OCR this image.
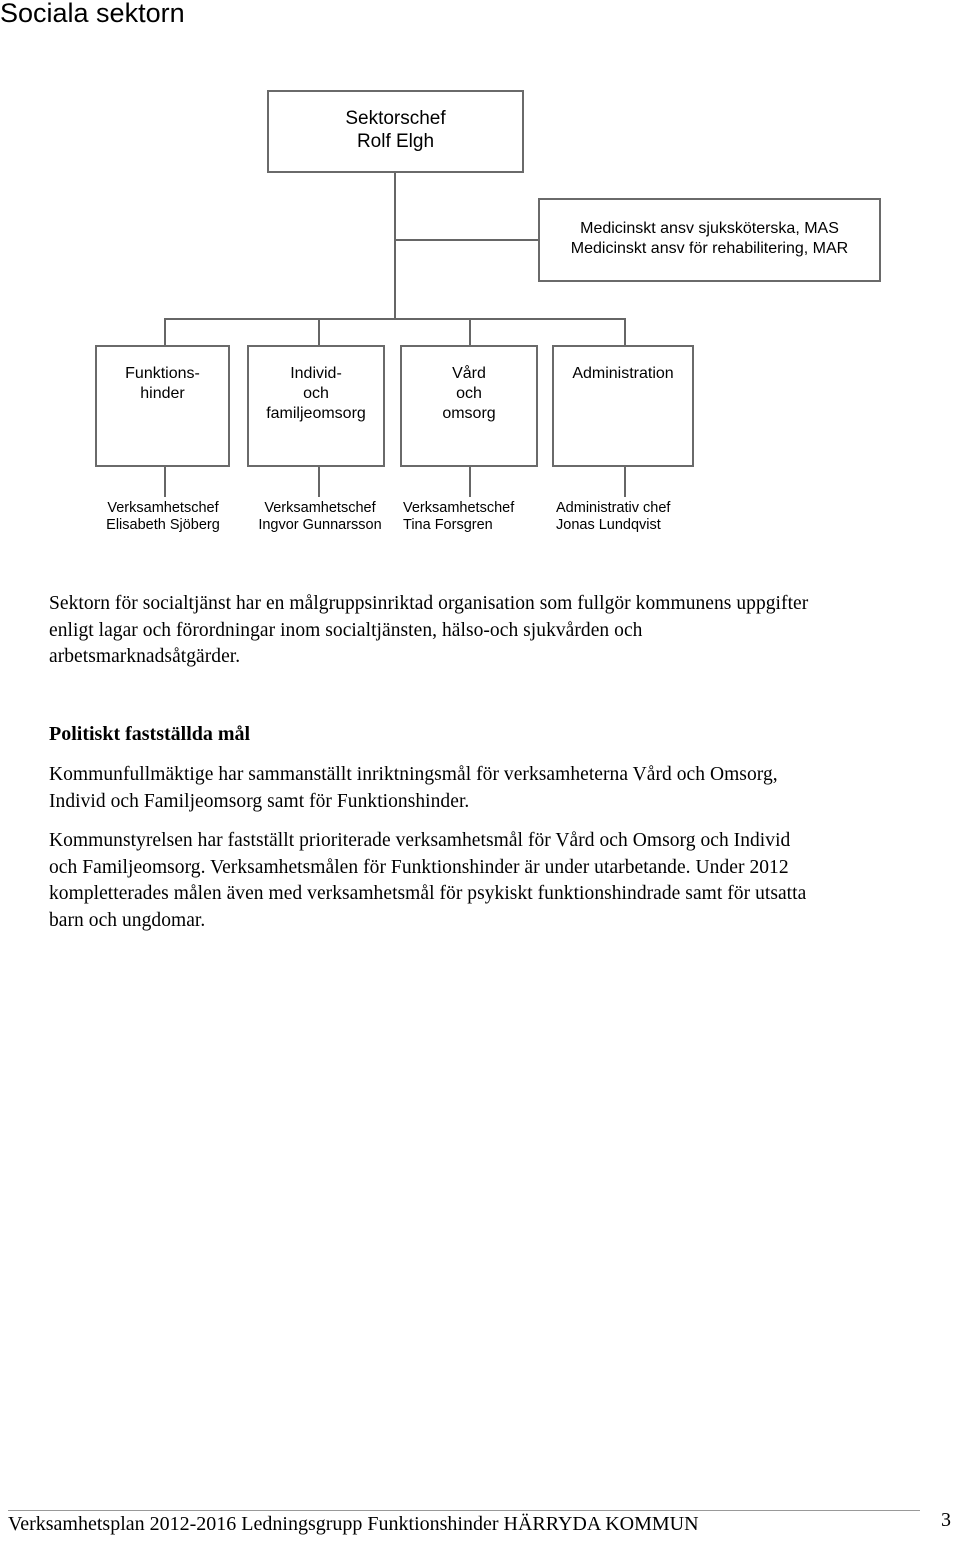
Sociala sektorn
Sektorschef
Rolf Elgh
Medicinskt ansv sjuksköterska, MAS
Medicinskt ansv för rehabilitering, MAR
Funktions-
hinder
Individ-
och
familjeomsorg
Vård
och
omsorg
Administration
Verksamhetschef
Elisabeth Sjöberg
Verksamhetschef
Ingvor Gunnarsson
Verksamhetschef
Tina Forsgren
Administrativ chef
Jonas Lundqvist

Sektorn för socialtjänst har en målgruppsinriktad organisation som fullgör kommunens uppgifter
enligt lagar och förordningar inom socialtjänsten, hälso-och sjukvården och
arbetsmarknadsåtgärder.

Politiskt fastställda mål

Kommunfullmäktige har sammanställt inriktningsmål för verksamheterna Vård och Omsorg,
Individ och Familjeomsorg samt för Funktionshinder.

Kommunstyrelsen har fastställt prioriterade verksamhetsmål för Vård och Omsorg och Individ
och Familjeomsorg. Verksamhetsmålen för Funktionshinder är under utarbetande. Under 2012
kompletterades målen även med verksamhetsmål för psykiskt funktionshindrade samt för utsatta
barn och ungdomar.

Verksamhetsplan 2012-2016 Ledningsgrupp Funktionshinder HÄRRYDA KOMMUN	3
